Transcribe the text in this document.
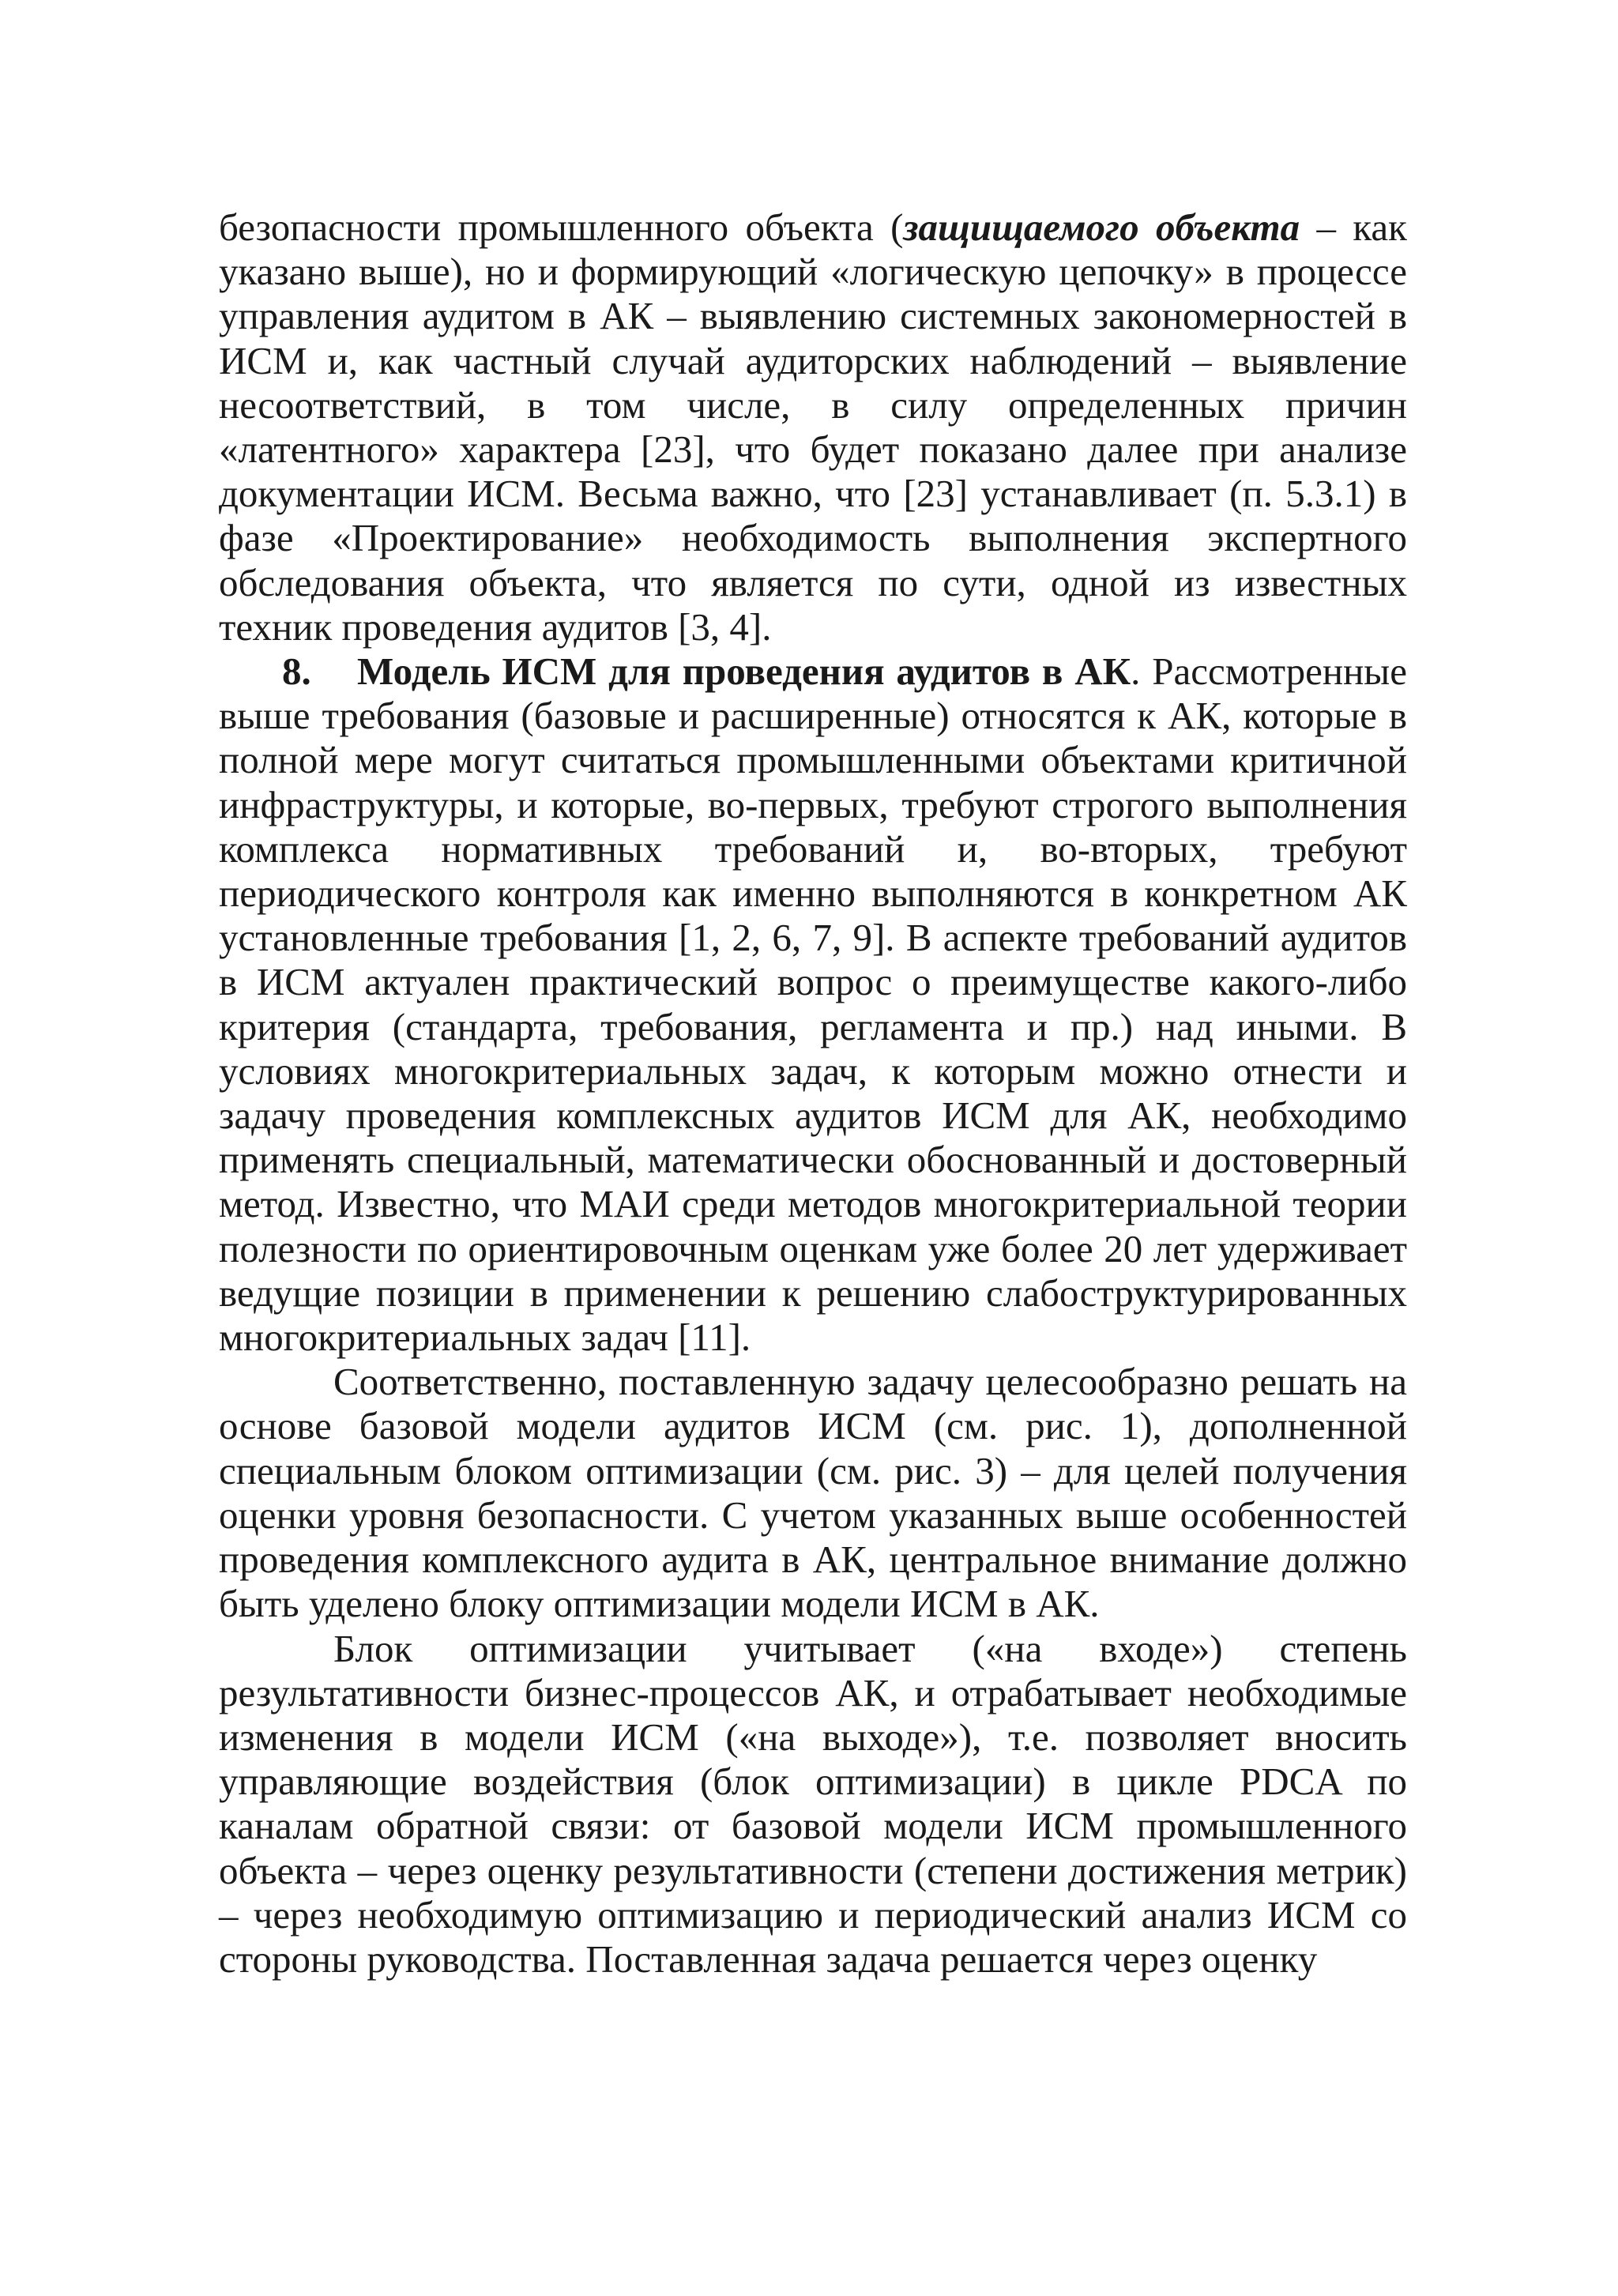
безопасности промышленного объекта (защищаемого объекта – как указано выше), но и формирующий «логическую цепочку» в процессе управления аудитом в АК – выявлению системных закономерностей в ИСМ и, как частный случай аудиторских наблюдений – выявление несоответствий, в том числе, в силу определенных причин «латентного» характера [23], что будет показано далее при анализе документации ИСМ. Весьма важно, что [23] устанавливает (п. 5.3.1) в фазе «Проектирование» необходимость выполнения экспертного обследования объекта, что является по сути, одной из известных техник проведения аудитов [3, 4].

8. Модель ИСМ для проведения аудитов в АК. Рассмотренные выше требования (базовые и расширенные) относятся к АК, которые в полной мере могут считаться промышленными объектами критичной инфраструктуры, и которые, во-первых, требуют строгого выполнения комплекса нормативных требований и, во-вторых, требуют периодического контроля как именно выполняются в конкретном АК установленные требования [1, 2, 6, 7, 9]. В аспекте требований аудитов в ИСМ актуален практический вопрос о преимуществе какого-либо критерия (стандарта, требования, регламента и пр.) над иными. В условиях многокритериальных задач, к которым можно отнести и задачу проведения комплексных аудитов ИСМ для АК, необходимо применять специальный, математически обоснованный и достоверный метод. Известно, что МАИ среди методов многокритериальной теории полезности по ориентировочным оценкам уже более 20 лет удерживает ведущие позиции в применении к решению слабоструктурированных многокритериальных задач [11].

Соответственно, поставленную задачу целесообразно решать на основе базовой модели аудитов ИСМ (см. рис. 1), дополненной специальным блоком оптимизации (см. рис. 3) – для целей получения оценки уровня безопасности. С учетом указанных выше особенностей проведения комплексного аудита в АК, центральное внимание должно быть уделено блоку оптимизации модели ИСМ в АК.

Блок оптимизации учитывает («на входе») степень результативности бизнес-процессов АК, и отрабатывает необходимые изменения в модели ИСМ («на выходе»), т.е. позволяет вносить управляющие воздействия (блок оптимизации) в цикле PDCA по каналам обратной связи: от базовой модели ИСМ промышленного объекта – через оценку результативности (степени достижения метрик) – через необходимую оптимизацию и периодический анализ ИСМ со стороны руководства. Поставленная задача решается через оценку
